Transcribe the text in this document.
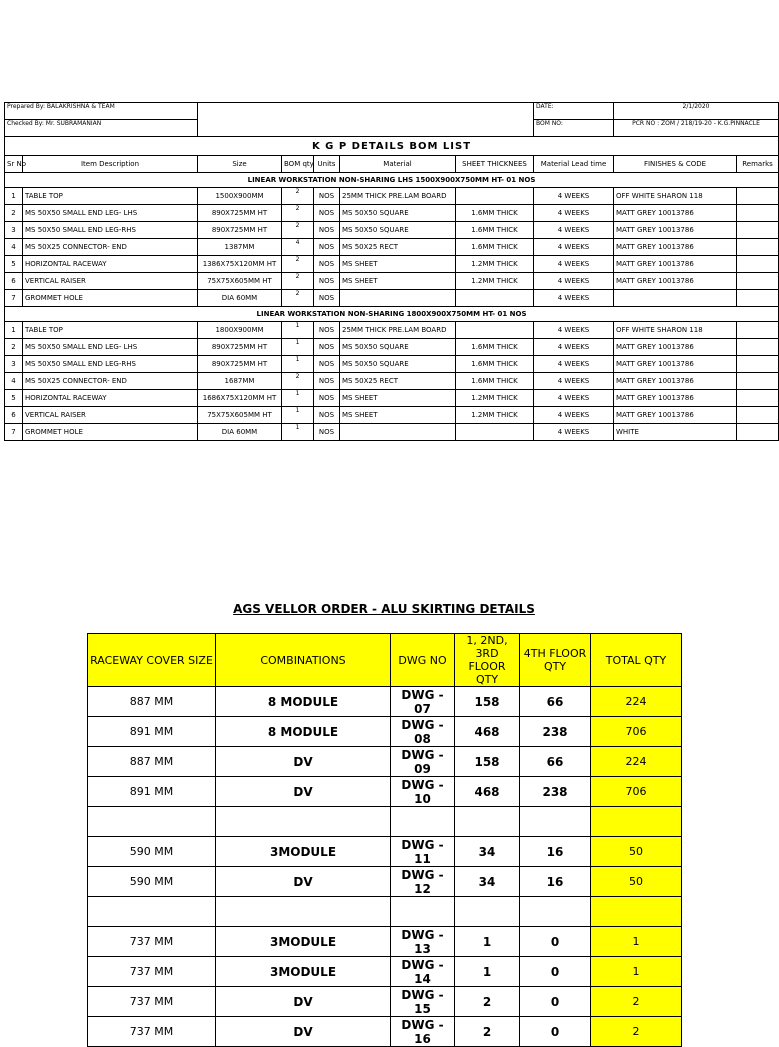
Prepared By: BALAKRISHNA & TEAM							DATE:	2/1/2020	
Checked By: Mr. SUBRAMANIAN							BOM NO:	PCR NO : ZOM / 218/19-20 - K.G.PINNACLE	
K G P DETAILS BOM LIST									
Sr No	Item Description	Size	BOM qty	Units	Material	SHEET THICKNEES	Material Lead time	FINISHES & CODE	Remarks
LINEAR WORKSTATION NON-SHARING LHS 1500X900X750MM HT- 01 NOS									
1	TABLE TOP	1500X900MM	2	NOS	25MM THICK PRE.LAM BOARD		4 WEEKS	OFF WHITE SHARON 118	
2	MS 50X50 SMALL END LEG- LHS	890X725MM HT	2	NOS	MS 50X50 SQUARE	1.6MM THICK	4 WEEKS	MATT GREY 10013786	
3	MS 50X50 SMALL END LEG-RHS	890X725MM HT	2	NOS	MS 50X50 SQUARE	1.6MM THICK	4 WEEKS	MATT GREY 10013786	
4	MS 50X25 CONNECTOR- END	1387MM	4	NOS	MS 50X25 RECT	1.6MM THICK	4 WEEKS	MATT GREY 10013786	
5	HORIZONTAL RACEWAY	1386X75X120MM HT	2	NOS	MS SHEET	1.2MM THICK	4 WEEKS	MATT GREY 10013786	
6	VERTICAL RAISER	75X75X605MM HT	2	NOS	MS SHEET	1.2MM THICK	4 WEEKS	MATT GREY 10013786	
7	GROMMET HOLE	DIA 60MM	2	NOS			4 WEEKS		
LINEAR WORKSTATION NON-SHARING 1800X900X750MM HT- 01 NOS									
1	TABLE TOP	1800X900MM	1	NOS	25MM THICK PRE.LAM BOARD		4 WEEKS	OFF WHITE SHARON 118	
2	MS 50X50 SMALL END LEG- LHS	890X725MM HT	1	NOS	MS 50X50 SQUARE	1.6MM THICK	4 WEEKS	MATT GREY 10013786	
3	MS 50X50 SMALL END LEG-RHS	890X725MM HT	1	NOS	MS 50X50 SQUARE	1.6MM THICK	4 WEEKS	MATT GREY 10013786	
4	MS 50X25 CONNECTOR- END	1687MM	2	NOS	MS 50X25 RECT	1.6MM THICK	4 WEEKS	MATT GREY 10013786	
5	HORIZONTAL RACEWAY	1686X75X120MM HT	1	NOS	MS SHEET	1.2MM THICK	4 WEEKS	MATT GREY 10013786	
6	VERTICAL RAISER	75X75X605MM HT	1	NOS	MS SHEET	1.2MM THICK	4 WEEKS	MATT GREY 10013786	
7	GROMMET HOLE	DIA 60MM	1	NOS			4 WEEKS	WHITE	
AGS VELLOR ORDER - ALU SKIRTING DETAILS
RACEWAY COVER SIZE	COMBINATIONS	DWG NO	1, 2ND, 3RD FLOOR QTY	4TH FLOOR QTY	TOTAL QTY
887 MM	8 MODULE	DWG - 07	158	66	224
891 MM	8 MODULE	DWG - 08	468	238	706
887 MM	DV	DWG - 09	158	66	224
891 MM	DV	DWG - 10	468	238	706

590 MM	3MODULE	DWG - 11	34	16	50
590 MM	DV	DWG - 12	34	16	50

737 MM	3MODULE	DWG - 13	1	0	1
737 MM	3MODULE	DWG - 14	1	0	1
737 MM	DV	DWG - 15	2	0	2
737 MM	DV	DWG - 16	2	0	2
